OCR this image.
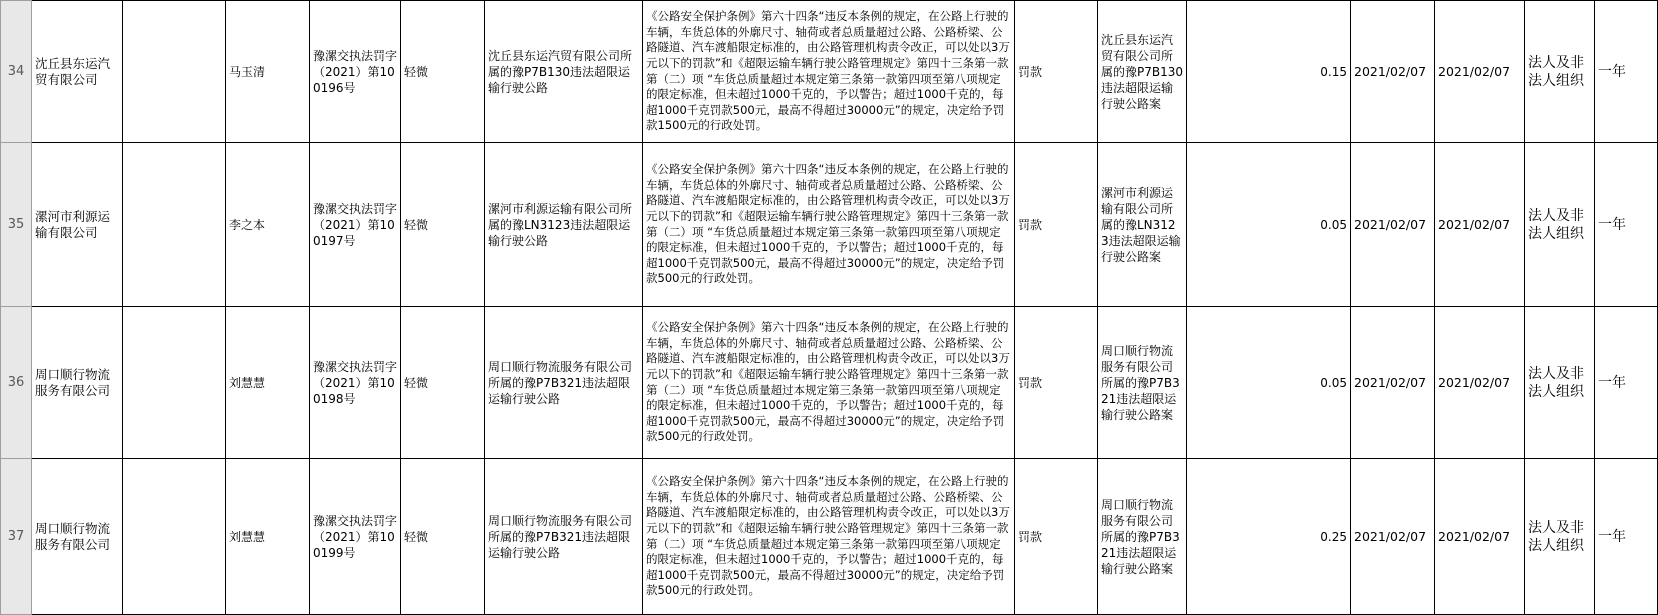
34	沈丘县东运汽贸有限公司		马玉清	豫漯交执法罚字（2021）第100196号	轻微	沈丘县东运汽贸有限公司所属的豫P7B130违法超限运输行驶公路	《公路安全保护条例》第六十四条“违反本条例的规定，在公路上行驶的车辆，车货总体的外廓尺寸、轴荷或者总质量超过公路、公路桥梁、公路隧道、汽车渡船限定标准的，由公路管理机构责令改正，可以处以3万元以下的罚款”和《超限运输车辆行驶公路管理规定》第四十三条第一款第（二）项 “车货总质量超过本规定第三条第一款第四项至第八项规定的限定标准，但未超过1000千克的，予以警告；超过1000千克的，每超1000千克罚款500元，最高不得超过30000元”的规定，决定给予罚款1500元的行政处罚。	罚款	沈丘县东运汽贸有限公司所属的豫P7B130违法超限运输行驶公路案	0.15	2021/02/07	2021/02/07	法人及非法人组织	一年
35	漯河市利源运输有限公司		李之本	豫漯交执法罚字（2021）第100197号	轻微	漯河市利源运输有限公司所属的豫LN3123违法超限运输行驶公路	《公路安全保护条例》第六十四条“违反本条例的规定，在公路上行驶的车辆，车货总体的外廓尺寸、轴荷或者总质量超过公路、公路桥梁、公路隧道、汽车渡船限定标准的，由公路管理机构责令改正，可以处以3万元以下的罚款”和《超限运输车辆行驶公路管理规定》第四十三条第一款第（二）项 “车货总质量超过本规定第三条第一款第四项至第八项规定的限定标准，但未超过1000千克的，予以警告；超过1000千克的，每超1000千克罚款500元，最高不得超过30000元”的规定，决定给予罚款500元的行政处罚。	罚款	漯河市利源运输有限公司所属的豫LN3123违法超限运输行驶公路案	0.05	2021/02/07	2021/02/07	法人及非法人组织	一年
36	周口顺行物流服务有限公司		刘慧慧	豫漯交执法罚字（2021）第100198号	轻微	周口顺行物流服务有限公司所属的豫P7B321违法超限运输行驶公路	《公路安全保护条例》第六十四条“违反本条例的规定，在公路上行驶的车辆，车货总体的外廓尺寸、轴荷或者总质量超过公路、公路桥梁、公路隧道、汽车渡船限定标准的，由公路管理机构责令改正，可以处以3万元以下的罚款”和《超限运输车辆行驶公路管理规定》第四十三条第一款第（二）项 “车货总质量超过本规定第三条第一款第四项至第八项规定的限定标准，但未超过1000千克的，予以警告；超过1000千克的，每超1000千克罚款500元，最高不得超过30000元”的规定，决定给予罚款500元的行政处罚。	罚款	周口顺行物流服务有限公司所属的豫P7B321违法超限运输行驶公路案	0.05	2021/02/07	2021/02/07	法人及非法人组织	一年
37	周口顺行物流服务有限公司		刘慧慧	豫漯交执法罚字（2021）第100199号	轻微	周口顺行物流服务有限公司所属的豫P7B321违法超限运输行驶公路	《公路安全保护条例》第六十四条“违反本条例的规定，在公路上行驶的车辆，车货总体的外廓尺寸、轴荷或者总质量超过公路、公路桥梁、公路隧道、汽车渡船限定标准的，由公路管理机构责令改正，可以处以3万元以下的罚款”和《超限运输车辆行驶公路管理规定》第四十三条第一款第（二）项 “车货总质量超过本规定第三条第一款第四项至第八项规定的限定标准，但未超过1000千克的，予以警告；超过1000千克的，每超1000千克罚款500元，最高不得超过30000元”的规定，决定给予罚款500元的行政处罚。	罚款	周口顺行物流服务有限公司所属的豫P7B321违法超限运输行驶公路案	0.25	2021/02/07	2021/02/07	法人及非法人组织	一年
